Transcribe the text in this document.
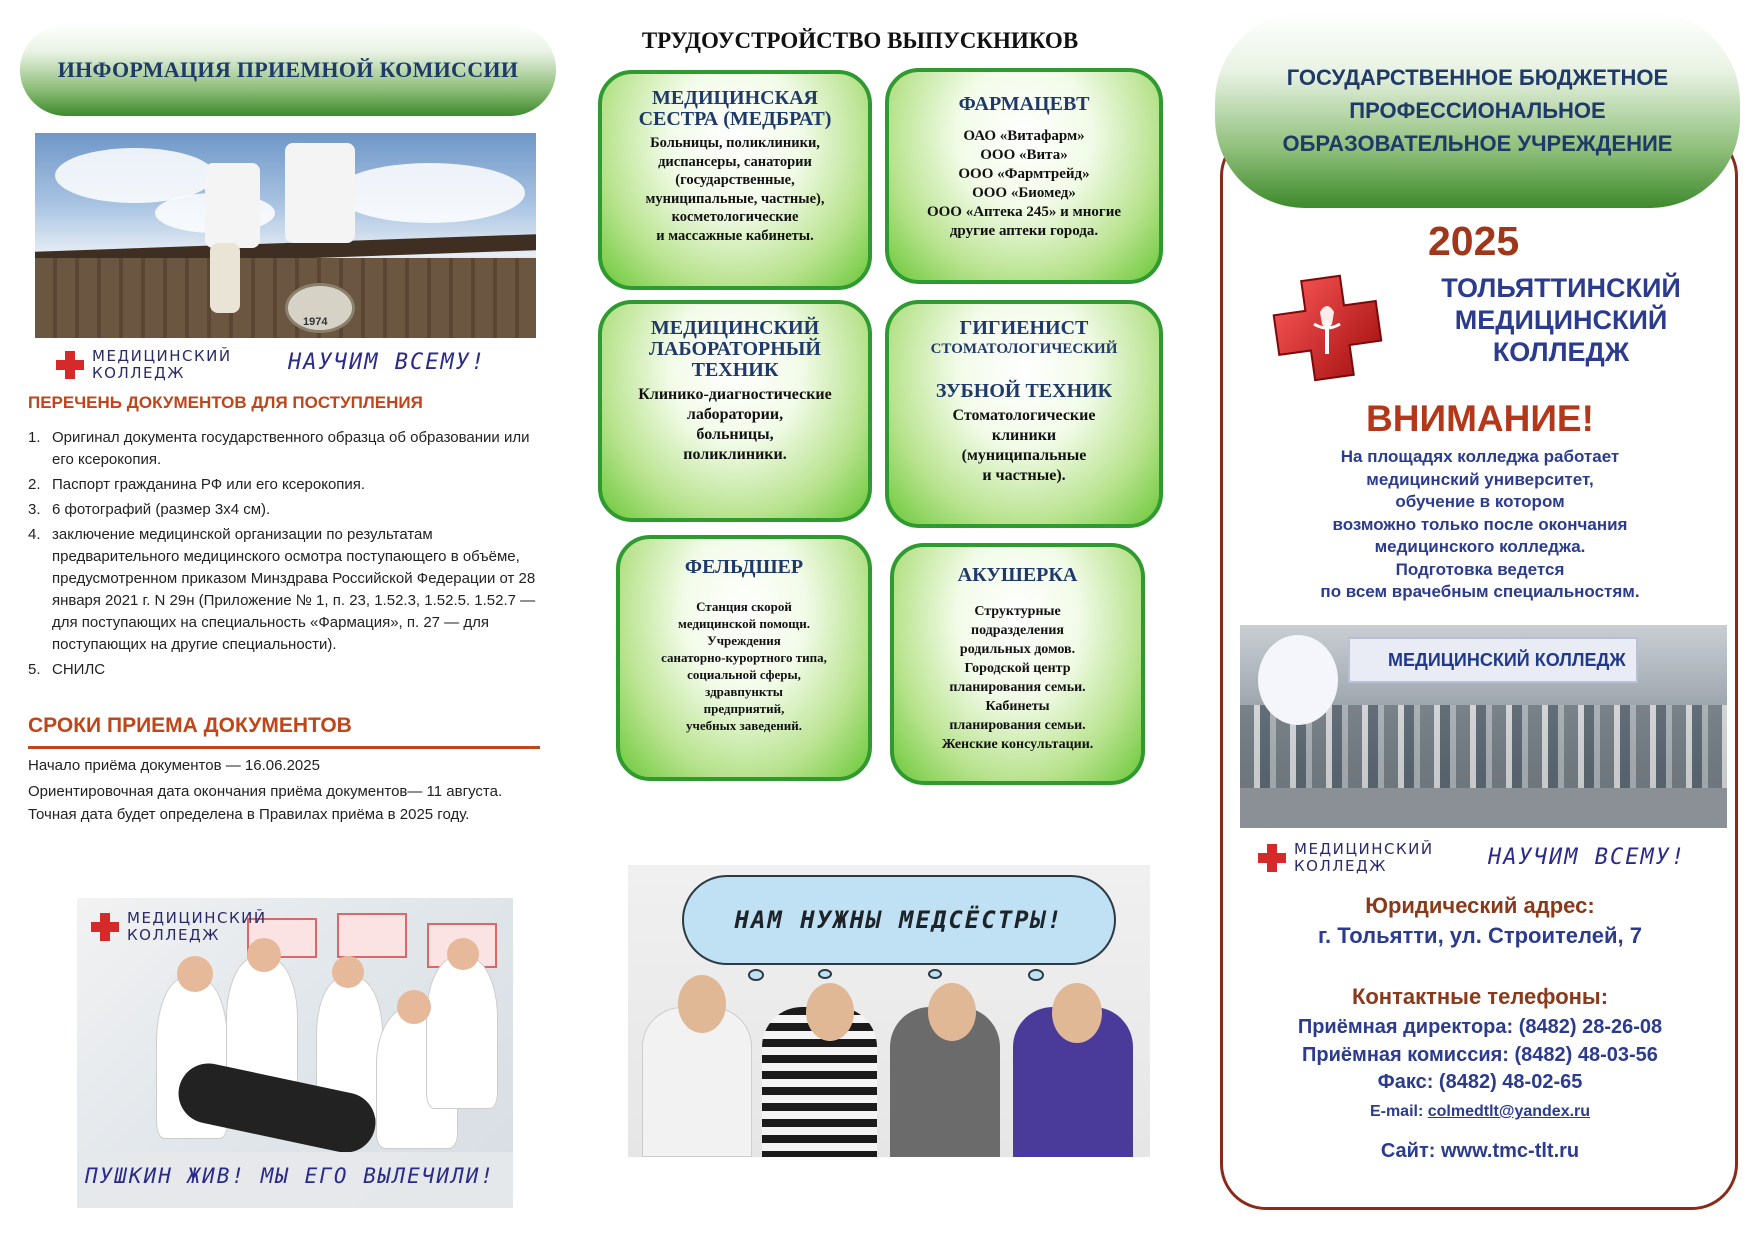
ИНФОРМАЦИЯ ПРИЕМНОЙ КОМИССИИ
1974
МЕДИЦИНСКИЙ
КОЛЛЕДЖ	НАУЧИМ ВСЕМУ!
ПЕРЕЧЕНЬ ДОКУМЕНТОВ ДЛЯ ПОСТУПЛЕНИЯ
1. Оригинал документа государственного образца об образовании или его ксерокопия.
2. Паспорт гражданина РФ или его ксерокопия.
3. 6 фотографий (размер 3х4 см).
4. заключение медицинской организации по результатам предварительного медицинского осмотра поступающего в объёме, предусмотренном приказом Минздрава Российской Федерации от 28 января 2021 г. N 29н (Приложение № 1, п. 23, 1.52.3, 1.52.5. 1.52.7 — для поступающих на специальность «Фармация», п. 27 — для поступающих на другие специальности).
5. СНИЛС
СРОКИ ПРИЕМА ДОКУМЕНТОВ
Начало приёма документов — 16.06.2025
Ориентировочная дата окончания приёма документов— 11 августа. Точная дата будет определена в Правилах приёма в 2025 году.
МЕДИЦИНСКИЙ
КОЛЛЕДЖ
ПУШКИН ЖИВ! МЫ ЕГО ВЫЛЕЧИЛИ!
ТРУДОУСТРОЙСТВО ВЫПУСКНИКОВ
МЕДИЦИНСКАЯ
СЕСТРА (МЕДБРАТ)
Больницы, поликлиники,
диспансеры, санатории
(государственные,
муниципальные, частные),
косметологические
и массажные кабинеты.
ФАРМАЦЕВТ
ОАО «Витафарм»
ООО «Вита»
ООО «Фармтрейд»
ООО «Биомед»
ООО «Аптека 245» и многие
другие аптеки города.
МЕДИЦИНСКИЙ
ЛАБОРАТОРНЫЙ
ТЕХНИК
Клинико-диагностические
лаборатории,
больницы,
поликлиники.
ГИГИЕНИСТ
СТОМАТОЛОГИЧЕСКИЙ
ЗУБНОЙ ТЕХНИК
Стоматологические
клиники
(муниципальные
и частные).
ФЕЛЬДШЕР
Станция скорой
медицинской помощи.
Учреждения
санаторно-курортного типа,
социальной сферы,
здравпункты
предприятий,
учебных заведений.
АКУШЕРКА
Структурные
подразделения
родильных домов.
Городской центр
планирования семьи.
Кабинеты
планирования семьи.
Женские консультации.
НАМ НУЖНЫ МЕДСЁСТРЫ!
ГОСУДАРСТВЕННОЕ БЮДЖЕТНОЕ
ПРОФЕССИОНАЛЬНОЕ
ОБРАЗОВАТЕЛЬНОЕ УЧРЕЖДЕНИЕ
2025
ТОЛЬЯТТИНСКИЙ
МЕДИЦИНСКИЙ
КОЛЛЕДЖ
ВНИМАНИЕ!
На площадях колледжа работает
медицинский университет,
обучение в котором
возможно только после окончания
медицинского колледжа.
Подготовка ведется
по всем врачебным специальностям.
МЕДИЦИНСКИЙ КОЛЛЕДЖ
МЕДИЦИНСКИЙ
КОЛЛЕДЖ	НАУЧИМ ВСЕМУ!
Юридический адрес:
г. Тольятти, ул. Строителей, 7
Контактные телефоны:
Приёмная директора: (8482) 28-26-08
Приёмная комиссия: (8482) 48-03-56
Факс: (8482) 48-02-65
E-mail: colmedtlt@yandex.ru
Сайт: www.tmc-tlt.ru
